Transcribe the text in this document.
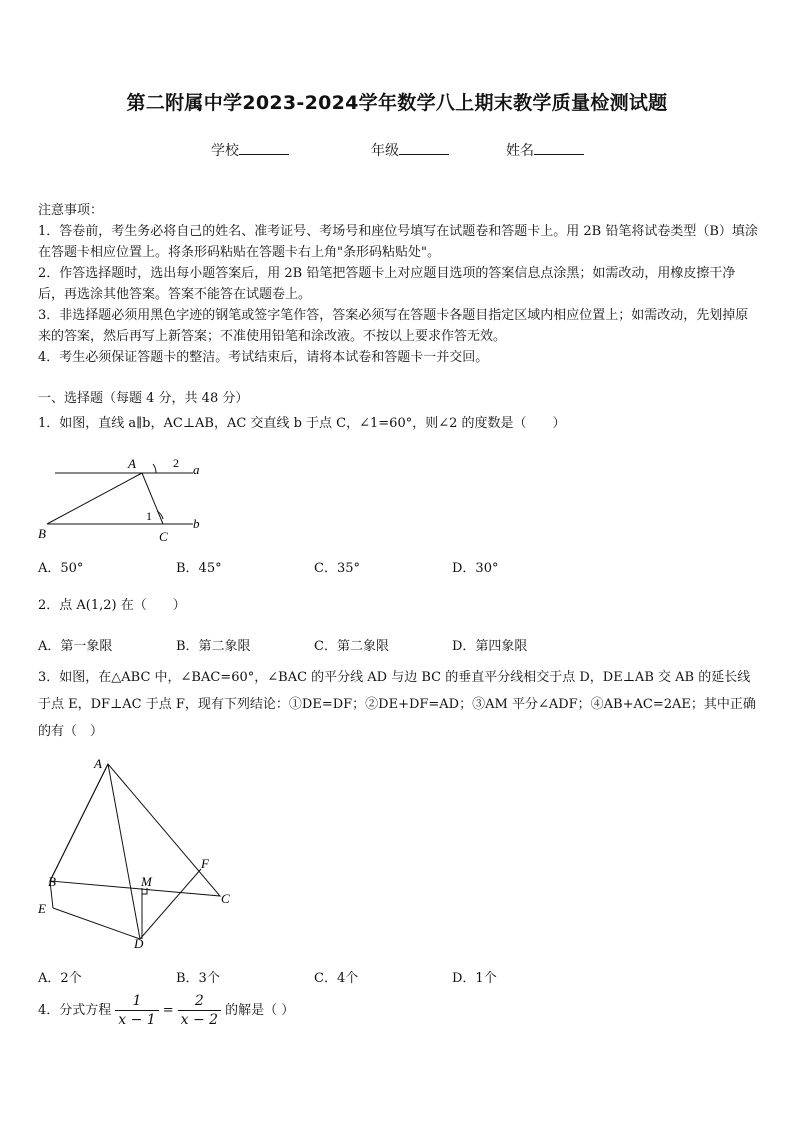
第二附属中学2023-2024学年数学八上期末教学质量检测试题
学校	年级	姓名
注意事项：
1．答卷前，考生务必将自己的姓名、准考证号、考场号和座位号填写在试题卷和答题卡上。用 2B 铅笔将试卷类型（B）填涂在答题卡相应位置上。将条形码粘贴在答题卡右上角"条形码粘贴处"。
2．作答选择题时，选出每小题答案后，用 2B 铅笔把答题卡上对应题目选项的答案信息点涂黑；如需改动，用橡皮擦干净后，再选涂其他答案。答案不能答在试题卷上。
3．非选择题必须用黑色字迹的钢笔或签字笔作答，答案必须写在答题卡各题目指定区域内相应位置上；如需改动，先划掉原来的答案，然后再写上新答案；不准使用铅笔和涂改液。不按以上要求作答无效。
4．考生必须保证答题卡的整洁。考试结束后，请将本试卷和答题卡一并交回。
一、选择题（每题 4 分，共 48 分）
1．如图，直线 a∥b，AC⊥AB，AC 交直线 b 于点 C，∠1=60°，则∠2 的度数是（　　）
A
B	C
a
b
1
2
A．50°	B．45°	C．35°	D．30°
2．点 A(1,2) 在（　　）
A．第一象限	B．第二象限	C．第二象限	D．第四象限
3．如图，在△ABC 中，∠BAC=60°，∠BAC 的平分线 AD 与边 BC 的垂直平分线相交于点 D，DE⊥AB 交 AB 的延长线于点 E，DF⊥AC 于点 F，现有下列结论：①DE=DF；②DE+DF=AD；③AM 平分∠ADF；④AB+AC=2AE；其中正确的有（　）
A
B
C
D
E
F
M
A．2个	B．3个	C．4个	D．1个
4．分式方程 $\frac{1}{x - 1} = \frac{2}{x - 2}$ 的解是（ ）
